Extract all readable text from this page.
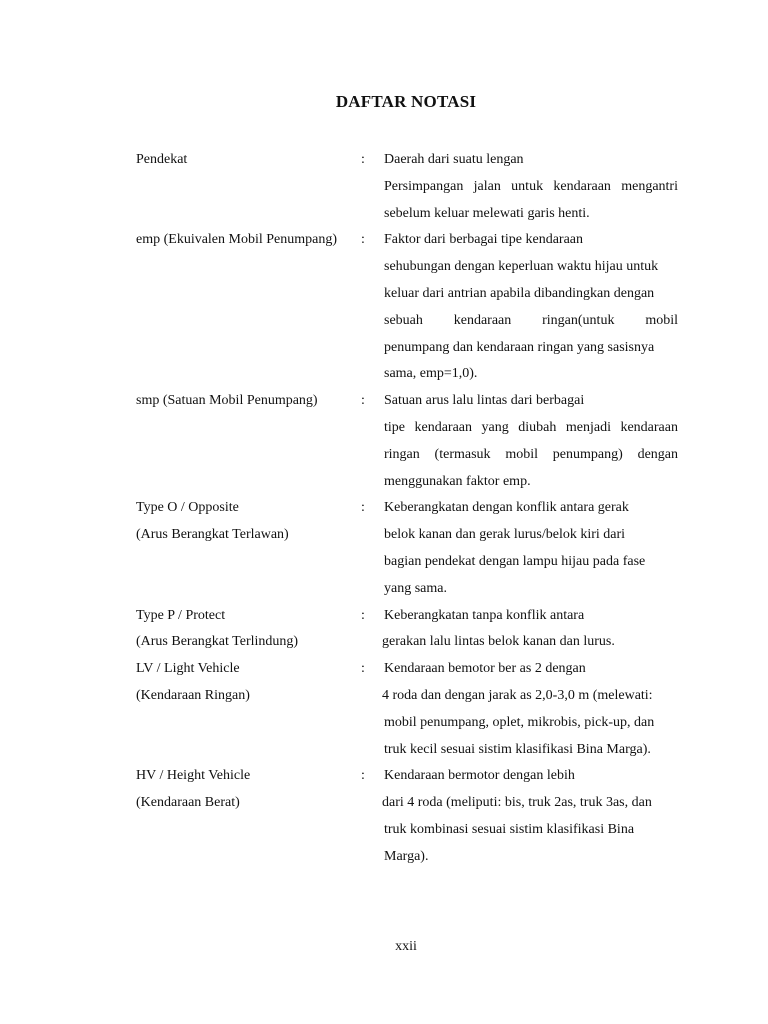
DAFTAR NOTASI
Pendekat	: Daerah dari suatu lengan
Persimpangan jalan untuk kendaraan mengantri
sebelum keluar melewati garis henti.
emp (Ekuivalen Mobil Penumpang) : Faktor dari berbagai tipe kendaraan
sehubungan dengan keperluan waktu hijau untuk
keluar dari antrian apabila dibandingkan dengan
sebuah kendaraan ringan(untuk mobil
penumpang dan kendaraan ringan yang sasisnya
sama, emp=1,0).
smp (Satuan Mobil Penumpang)	: Satuan arus lalu lintas dari berbagai
tipe kendaraan yang diubah menjadi kendaraan
ringan (termasuk mobil penumpang) dengan
menggunakan faktor emp.
Type O / Opposite	: Keberangkatan dengan konflik antara gerak
(Arus Berangkat Terlawan)	belok kanan dan gerak lurus/belok kiri dari
bagian pendekat dengan lampu hijau pada fase
yang sama.
Type P / Protect	: Keberangkatan tanpa konflik antara
(Arus Berangkat Terlindung)	gerakan lalu lintas belok kanan dan lurus.
LV / Light Vehicle	: Kendaraan bemotor ber as 2 dengan
(Kendaraan Ringan)	4 roda dan dengan jarak as 2,0-3,0 m (melewati:
mobil penumpang, oplet, mikrobis, pick-up, dan
truk kecil sesuai sistim klasifikasi Bina Marga).
HV / Height Vehicle	: Kendaraan bermotor dengan lebih
(Kendaraan Berat)	dari 4 roda (meliputi: bis, truk 2as, truk 3as, dan
truk kombinasi sesuai sistim klasifikasi Bina
Marga).
xxii
